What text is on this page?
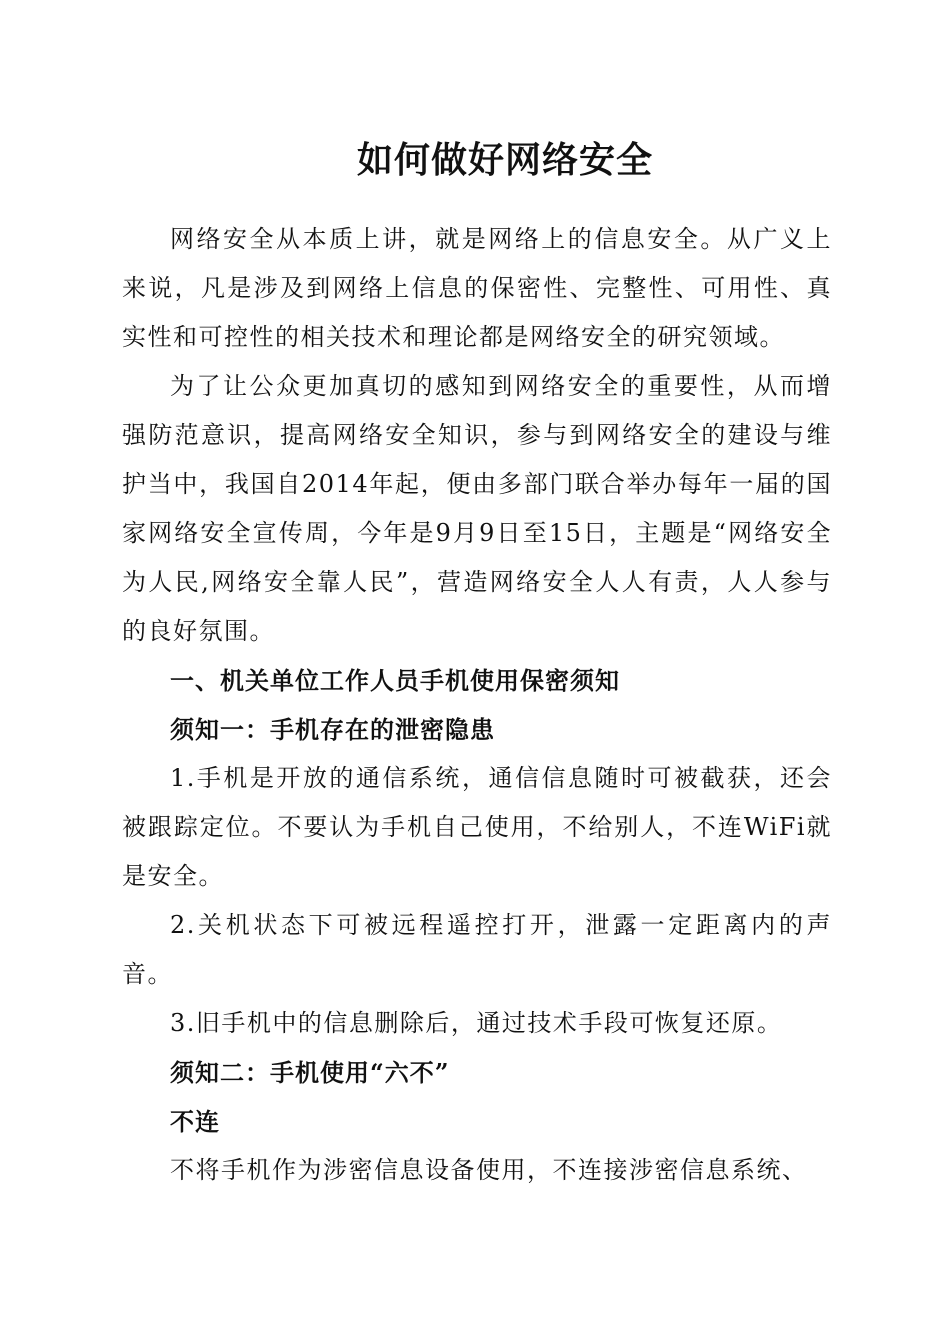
如何做好网络安全

网络安全从本质上讲，就是网络上的信息安全。从广义上来说，凡是涉及到网络上信息的保密性、完整性、可用性、真实性和可控性的相关技术和理论都是网络安全的研究领域。

为了让公众更加真切的感知到网络安全的重要性，从而增强防范意识，提高网络安全知识，参与到网络安全的建设与维护当中，我国自2014年起，便由多部门联合举办每年一届的国家网络安全宣传周，今年是9月9日至15日，主题是“网络安全为人民,网络安全靠人民”，营造网络安全人人有责，人人参与的良好氛围。

一、机关单位工作人员手机使用保密须知

须知一：手机存在的泄密隐患

1.手机是开放的通信系统，通信信息随时可被截获，还会被跟踪定位。不要认为手机自己使用，不给别人，不连WiFi就是安全。

2.关机状态下可被远程遥控打开，泄露一定距离内的声音。

3.旧手机中的信息删除后，通过技术手段可恢复还原。

须知二：手机使用“六不”

不连

不将手机作为涉密信息设备使用，不连接涉密信息系统、
